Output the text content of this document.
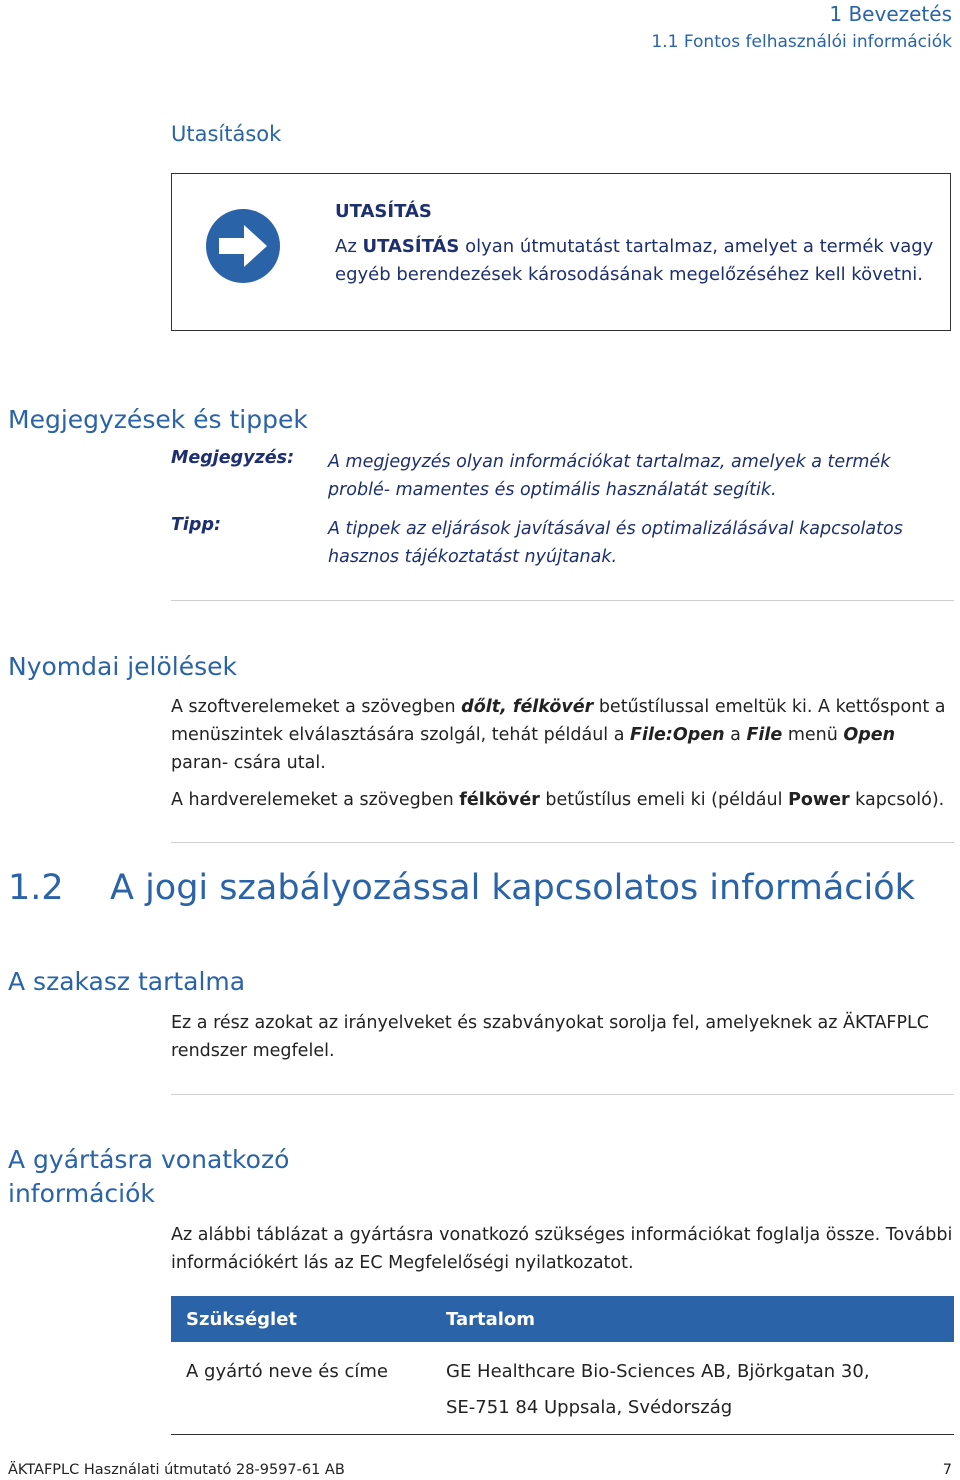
1 Bevezetés
1.1 Fontos felhasználói információk
Utasítások
UTASÍTÁS
Az UTASÍTÁS olyan útmutatást tartalmaz, amelyet a termék vagy egyéb berendezések károsodásának megelőzéséhez kell követni.
Megjegyzések és tippek
Megjegyzés: A megjegyzés olyan információkat tartalmaz, amelyek a termék problé- mamentes és optimális használatát segítik.
Tipp:	A tippek az eljárások javításával és optimalizálásával kapcsolatos hasznos tájékoztatást nyújtanak.
Nyomdai jelölések
A szoftverelemeket a szövegben dőlt, félkövér betűstílussal emeltük ki. A kettőspont a menüszintek elválasztására szolgál, tehát például a File:Open a File menü Open paran- csára utal.
A hardverelemeket a szövegben félkövér betűstílus emeli ki (például Power kapcsoló).
1.2 A jogi szabályozással kapcsolatos információk
A szakasz tartalma
Ez a rész azokat az irányelveket és szabványokat sorolja fel, amelyeknek az ÄKTAFPLC rendszer megfelel.
A gyártásra vonatkozó
információk
Az alábbi táblázat a gyártásra vonatkozó szükséges információkat foglalja össze. További információkért lás az EC Megfelelőségi nyilatkozatot.
Szükséglet	Tartalom
A gyártó neve és címe	GE Healthcare Bio-Sciences AB, Björkgatan 30,
SE-751 84 Uppsala, Svédország
ÄKTAFPLC Használati útmutató 28-9597-61 AB	7
